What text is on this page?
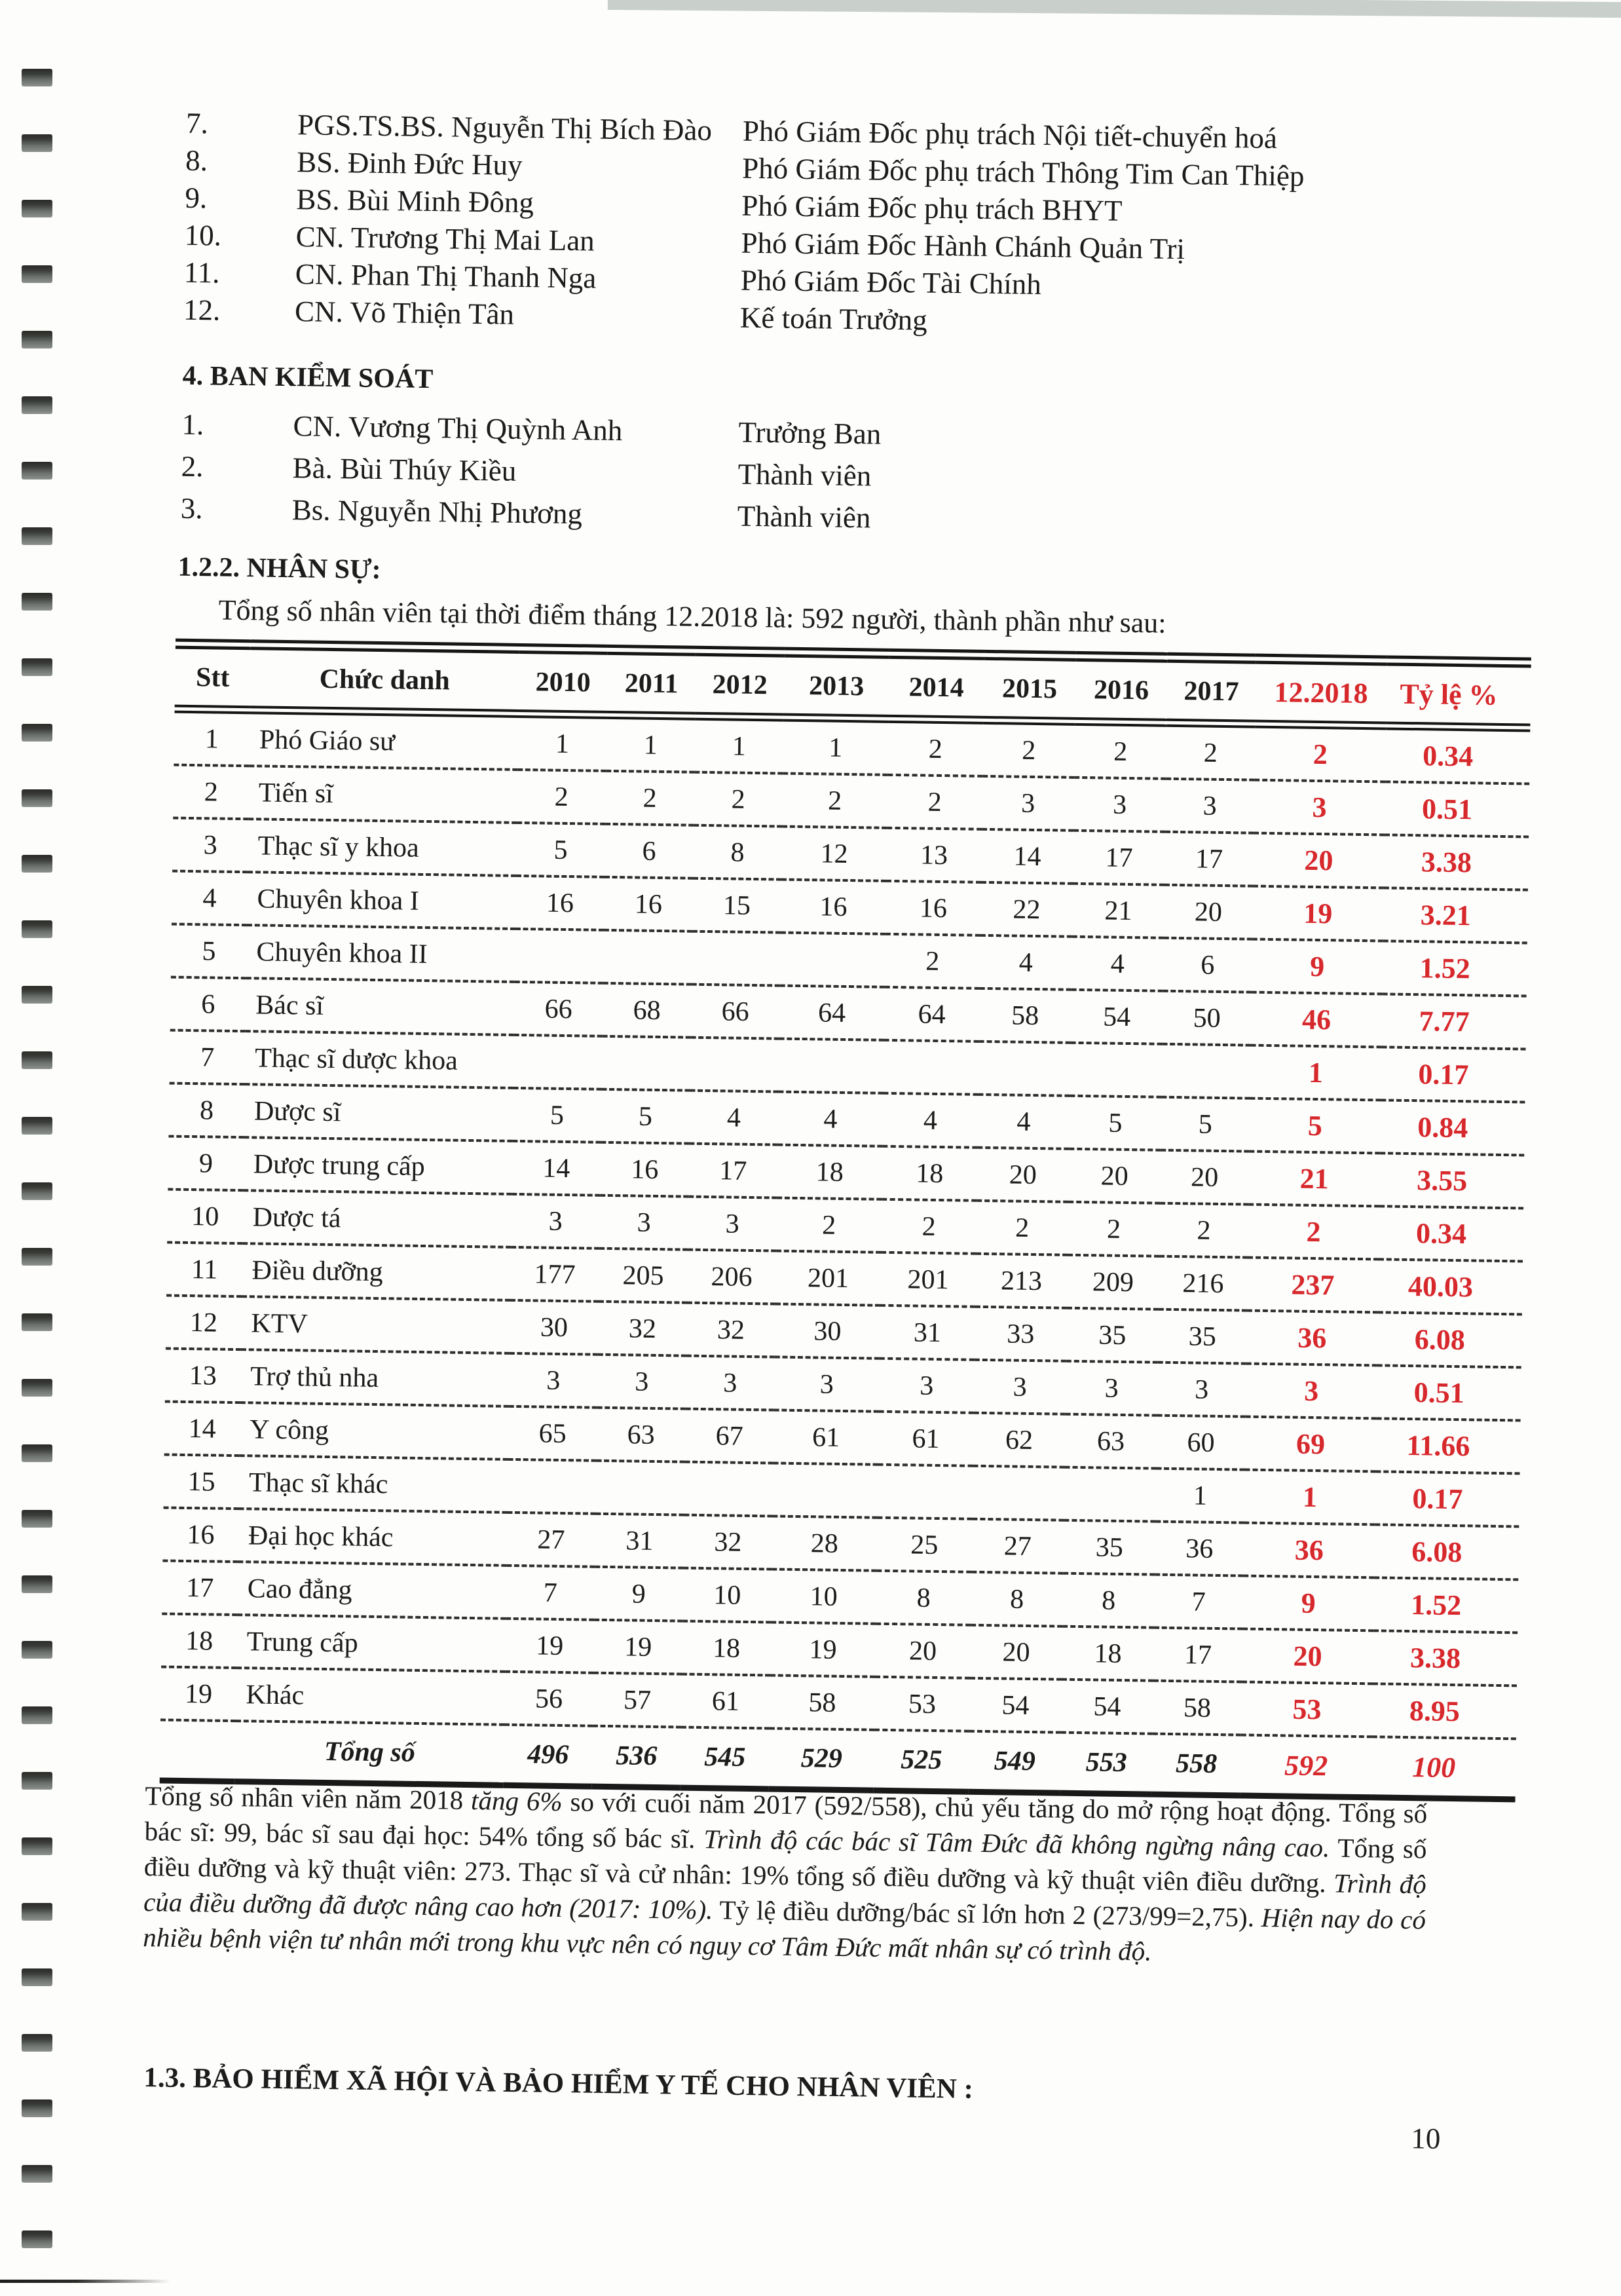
7.	PGS.TS.BS. Nguyễn Thị Bích Đào	Phó Giám Đốc phụ trách Nội tiết-chuyển hoá
8.	BS. Đinh Đức Huy	Phó Giám Đốc phụ trách Thông Tim Can Thiệp
9.	BS. Bùi Minh Đông	Phó Giám Đốc phụ trách BHYT
10.	CN. Trương Thị Mai Lan	Phó Giám Đốc Hành Chánh Quản Trị
11.	CN. Phan Thị Thanh Nga	Phó Giám Đốc Tài Chính
12.	CN. Võ Thiện Tân	Kế toán Trưởng
4. BAN KIỂM SOÁT
1.	CN. Vương Thị Quỳnh Anh	Trưởng Ban
2.	Bà. Bùi Thúy Kiều	Thành viên
3.	Bs. Nguyễn Nhị Phương	Thành viên
1.2.2. NHÂN SỰ:
Tổng số nhân viên tại thời điểm tháng 12.2018 là: 592 người, thành phần như sau:
Stt	Chức danh	2010	2011	2012	2013	2014	2015	2016	2017	12.2018	Tỷ lệ %
1	Phó Giáo sư	1	1	1	1	2	2	2	2	2	0.34
2	Tiến sĩ	2	2	2	2	2	3	3	3	3	0.51
3	Thạc sĩ y khoa	5	6	8	12	13	14	17	17	20	3.38
4	Chuyên khoa I	16	16	15	16	16	22	21	20	19	3.21
5	Chuyên khoa II					2	4	4	6	9	1.52
6	Bác sĩ	66	68	66	64	64	58	54	50	46	7.77
7	Thạc sĩ dược khoa									1	0.17
8	Dược sĩ	5	5	4	4	4	4	5	5	5	0.84
9	Dược trung cấp	14	16	17	18	18	20	20	20	21	3.55
10	Dược tá	3	3	3	2	2	2	2	2	2	0.34
11	Điều dưỡng	177	205	206	201	201	213	209	216	237	40.03
12	KTV	30	32	32	30	31	33	35	35	36	6.08
13	Trợ thủ nha	3	3	3	3	3	3	3	3	3	0.51
14	Y công	65	63	67	61	61	62	63	60	69	11.66
15	Thạc sĩ khác								1	1	0.17
16	Đại học khác	27	31	32	28	25	27	35	36	36	6.08
17	Cao đẳng	7	9	10	10	8	8	8	7	9	1.52
18	Trung cấp	19	19	18	19	20	20	18	17	20	3.38
19	Khác	56	57	61	58	53	54	54	58	53	8.95
	Tổng số	496	536	545	529	525	549	553	558	592	100
Tổng số nhân viên năm 2018 tăng 6% so với cuối năm 2017 (592/558), chủ yếu tăng do mở rộng hoạt động. Tổng số bác sĩ: 99, bác sĩ sau đại học: 54% tổng số bác sĩ. Trình độ các bác sĩ Tâm Đức đã không ngừng nâng cao. Tổng số điều dưỡng và kỹ thuật viên: 273. Thạc sĩ và cử nhân: 19% tổng số điều dưỡng và kỹ thuật viên điều dưỡng. Trình độ của điều dưỡng đã được nâng cao hơn (2017: 10%). Tỷ lệ điều dưỡng/bác sĩ lớn hơn 2 (273/99=2,75). Hiện nay do có nhiều bệnh viện tư nhân mới trong khu vực nên có nguy cơ Tâm Đức mất nhân sự có trình độ.
1.3. BẢO HIỂM XÃ HỘI VÀ BẢO HIỂM Y TẾ CHO NHÂN VIÊN :
10
